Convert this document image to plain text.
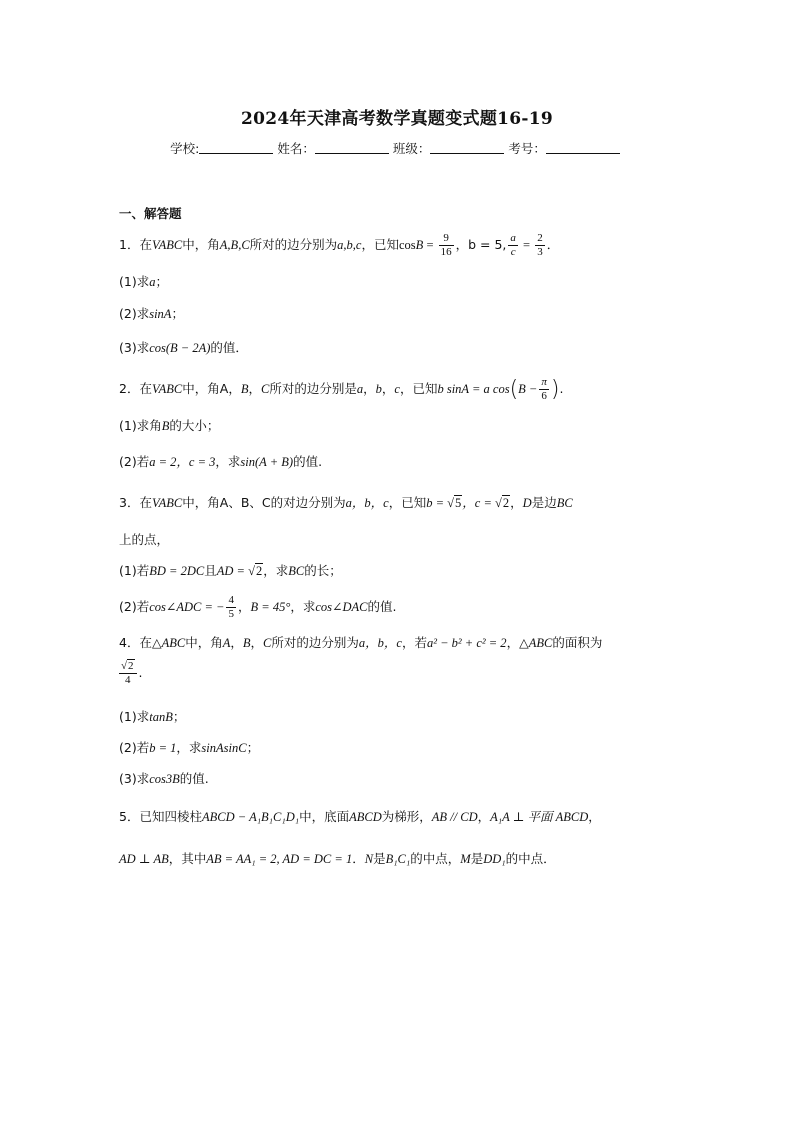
2024年天津高考数学真题变式题16-19
学校:	姓名：	班级：	考号：
一、解答题
1．在VABC中，角A,B,C所对的边分别为a,b,c，已知$\cos B = \frac{9}{16}$ ，b = 5, $\frac{a}{c} = \frac{2}{3}$ ．
(1)求a；
(2)求sinA；
(3)求cos(B − 2A)的值．
2．在VABC中，角A，B，C所对的边分别是a，b，c，已知b sinA = a $\cos(B - \frac{\pi}{6}$ ).
(1)求角B的大小；
(2)若a = 2，c = 3，求sin(A + B)的值.
3．在VABC中，角A、B、C的对边分别为a，b，c，已知b = √5，c = √2，D是边BC
上的点，
(1)若BD = 2DC且AD = √2，求BC的长；
(2)若cos∠ADC = − $\frac{4}{5}$ ，B = 45°，求cos∠DAC的值.
4．在△ABC中，角A，B，C所对的边分别为a，b，c，若a² − b² + c² = 2，△ABC的面积为
$\frac{√2}{4}$ .
(1)求tanB；
(2)若b = 1，求sinAsinC；
(3)求cos3B的值.
5．已知四棱柱ABCD − A₁B₁C₁D₁中，底面ABCD为梯形，AB // CD，A₁A ⊥ 平面 ABCD，
AD ⊥ AB，其中AB = AA₁ = 2, AD = DC = 1．N是B₁C₁的中点，M是DD₁的中点．
